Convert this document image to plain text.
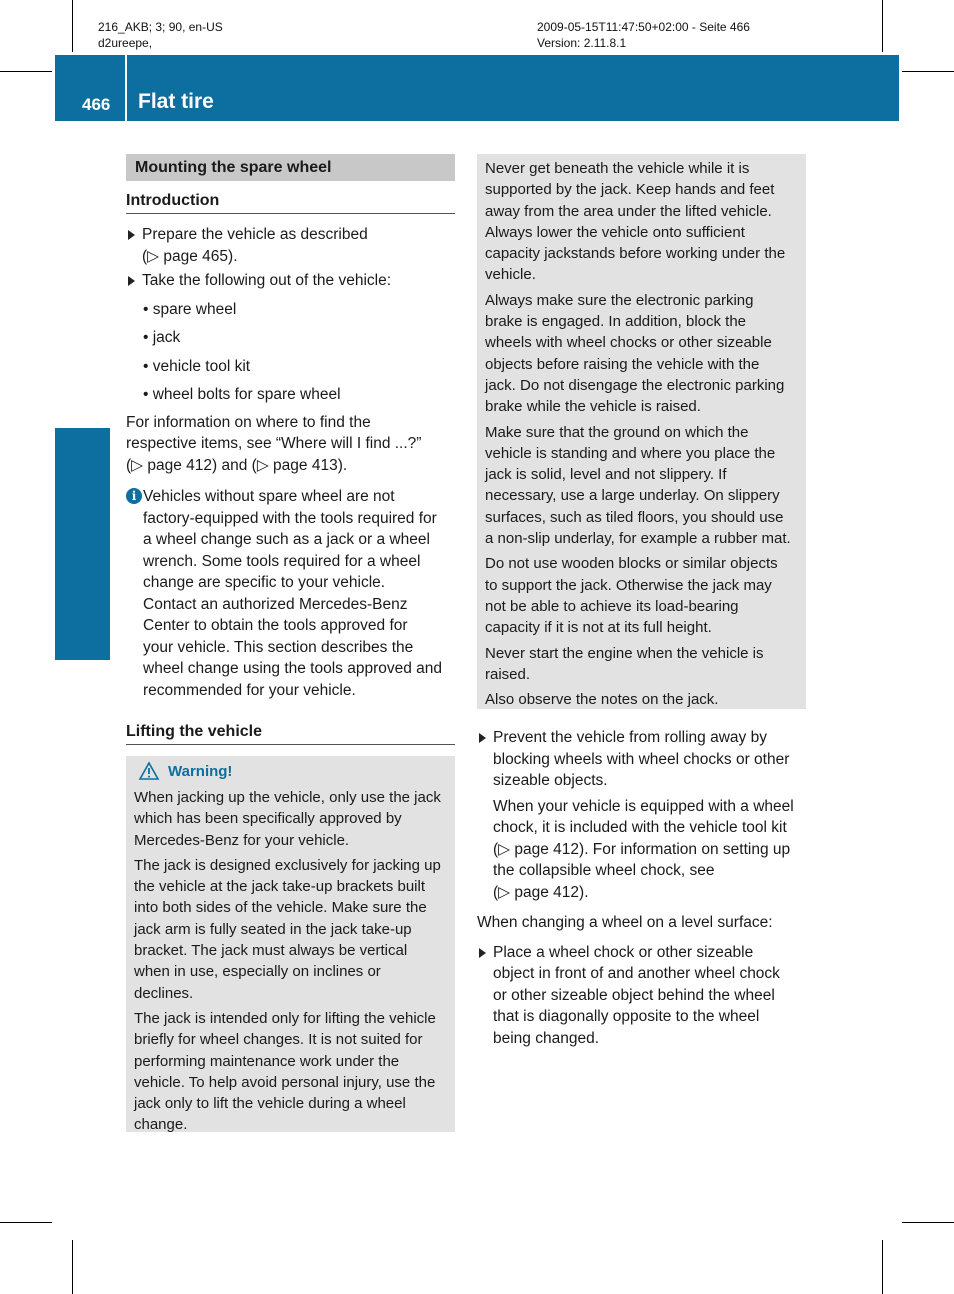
216_AKB; 3; 90, en-US
d2ureepe,
2009-05-15T11:47:50+02:00 - Seite 466
Version: 2.11.8.1
466 Flat tire
Practical hints
Mounting the spare wheel
Introduction

Prepare the vehicle as described

(▷ page 465).

Take the following out of the vehicle:

• spare wheel

• jack

• vehicle tool kit

• wheel bolts for spare wheel

For information on where to find the

respective items, see “Where will I find ...?”

(▷ page 412) and (▷ page 413).

i Vehicles without spare wheel are not

factory-equipped with the tools required for

a wheel change such as a jack or a wheel

wrench. Some tools required for a wheel

change are specific to your vehicle.

Contact an authorized Mercedes-Benz

Center to obtain the tools approved for

your vehicle. This section describes the

wheel change using the tools approved and

recommended for your vehicle.

Lifting the vehicle
Warning!

When jacking up the vehicle, only use the jack

which has been specifically approved by

Mercedes-Benz for your vehicle.

The jack is designed exclusively for jacking up

the vehicle at the jack take-up brackets built

into both sides of the vehicle. Make sure the

jack arm is fully seated in the jack take-up

bracket. The jack must always be vertical

when in use, especially on inclines or

declines.

The jack is intended only for lifting the vehicle

briefly for wheel changes. It is not suited for

performing maintenance work under the

vehicle. To help avoid personal injury, use the

jack only to lift the vehicle during a wheel

change.

Never get beneath the vehicle while it is

supported by the jack. Keep hands and feet

away from the area under the lifted vehicle.

Always lower the vehicle onto sufficient

capacity jackstands before working under the

vehicle.

Always make sure the electronic parking

brake is engaged. In addition, block the

wheels with wheel chocks or other sizeable

objects before raising the vehicle with the

jack. Do not disengage the electronic parking

brake while the vehicle is raised.

Make sure that the ground on which the

vehicle is standing and where you place the

jack is solid, level and not slippery. If

necessary, use a large underlay. On slippery

surfaces, such as tiled floors, you should use

a non-slip underlay, for example a rubber mat.

Do not use wooden blocks or similar objects

to support the jack. Otherwise the jack may

not be able to achieve its load-bearing

capacity if it is not at its full height.

Never start the engine when the vehicle is

raised.

Also observe the notes on the jack.

Prevent the vehicle from rolling away by

blocking wheels with wheel chocks or other

sizeable objects.

When your vehicle is equipped with a wheel

chock, it is included with the vehicle tool kit

(▷ page 412). For information on setting up

the collapsible wheel chock, see

(▷ page 412).

When changing a wheel on a level surface:

Place a wheel chock or other sizeable

object in front of and another wheel chock

or other sizeable object behind the wheel

that is diagonally opposite to the wheel

being changed.
